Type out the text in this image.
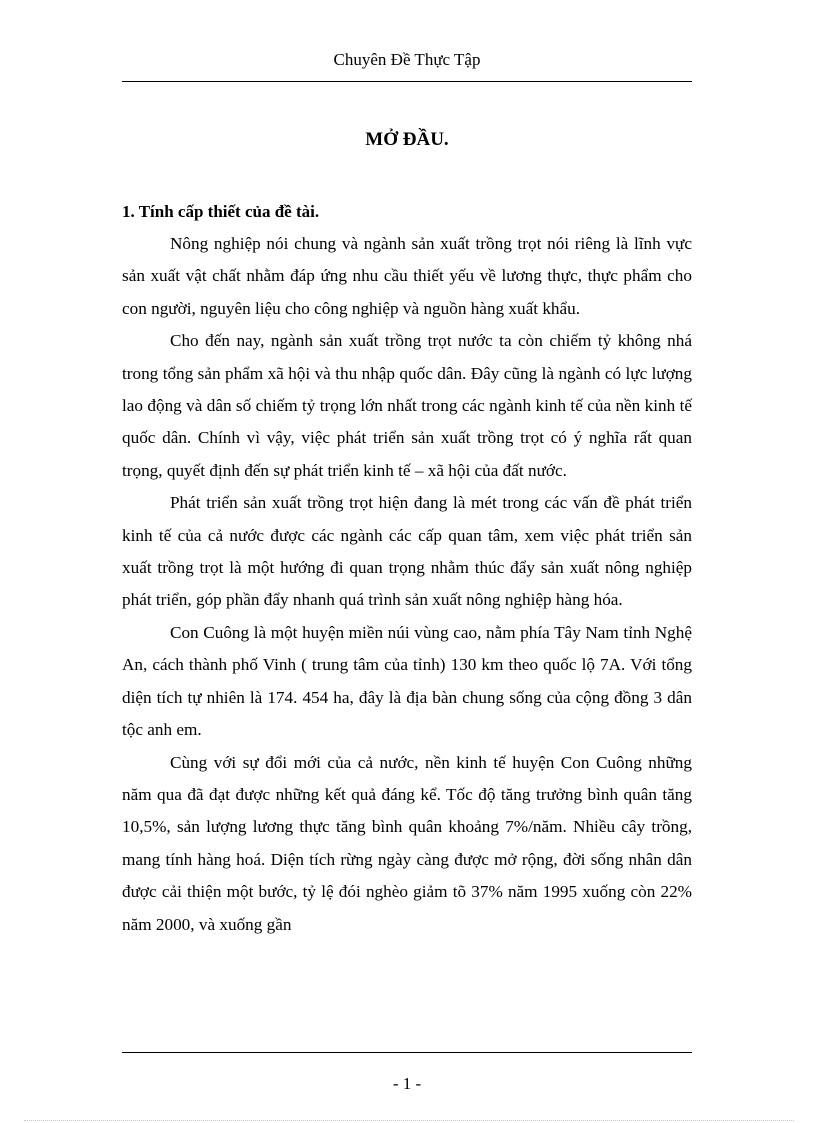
Chuyên Đề Thực Tập
MỞ ĐẦU.
1. Tính cấp thiết của đề tài.

Nông nghiệp nói chung và ngành sản xuất trồng trọt nói riêng là lĩnh vực sản xuất vật chất nhằm đáp ứng nhu cầu thiết yếu về lương thực, thực phẩm cho con người, nguyên liệu cho công nghiệp và nguồn hàng xuất khẩu.

Cho đến nay, ngành sản xuất trồng trọt nước ta còn chiếm tỷ không nhá trong tổng sản phẩm xã hội và thu nhập quốc dân. Đây cũng là ngành có lực lượng lao động và dân số chiếm tỷ trọng lớn nhất trong các ngành kinh tế của nền kinh tế quốc dân. Chính vì vậy, việc phát triển sản xuất trồng trọt có ý nghĩa rất quan trọng, quyết định đến sự phát triển kinh tế – xã hội của đất nước.

Phát triển sản xuất trồng trọt hiện đang là mét trong các vấn đề phát triển kinh tế của cả nước được các ngành các cấp quan tâm, xem việc phát triển sản xuất trồng trọt là một hướng đi quan trọng nhằm thúc đẩy sản xuất nông nghiệp phát triển, góp phần đẩy nhanh quá trình sản xuất nông nghiệp hàng hóa.

Con Cuông là một huyện miền núi vùng cao, nằm phía Tây Nam tỉnh Nghệ An, cách thành phố Vinh ( trung tâm của tỉnh) 130 km theo quốc lộ 7A. Với tổng diện tích tự nhiên là 174. 454 ha, đây là địa bàn chung sống của cộng đồng 3 dân tộc anh em.

Cùng với sự đổi mới của cả nước, nền kinh tế huyện Con Cuông những năm qua đã đạt được những kết quả đáng kể. Tốc độ tăng trưởng bình quân tăng 10,5%, sản lượng lương thực tăng bình quân khoảng 7%/năm. Nhiều cây trồng, mang tính hàng hoá. Diện tích rừng ngày càng được mở rộng, đời sống nhân dân được cải thiện một bước, tỷ lệ đói nghèo giảm tõ 37% năm 1995 xuống còn 22% năm 2000, và xuống gần

- 1 -
